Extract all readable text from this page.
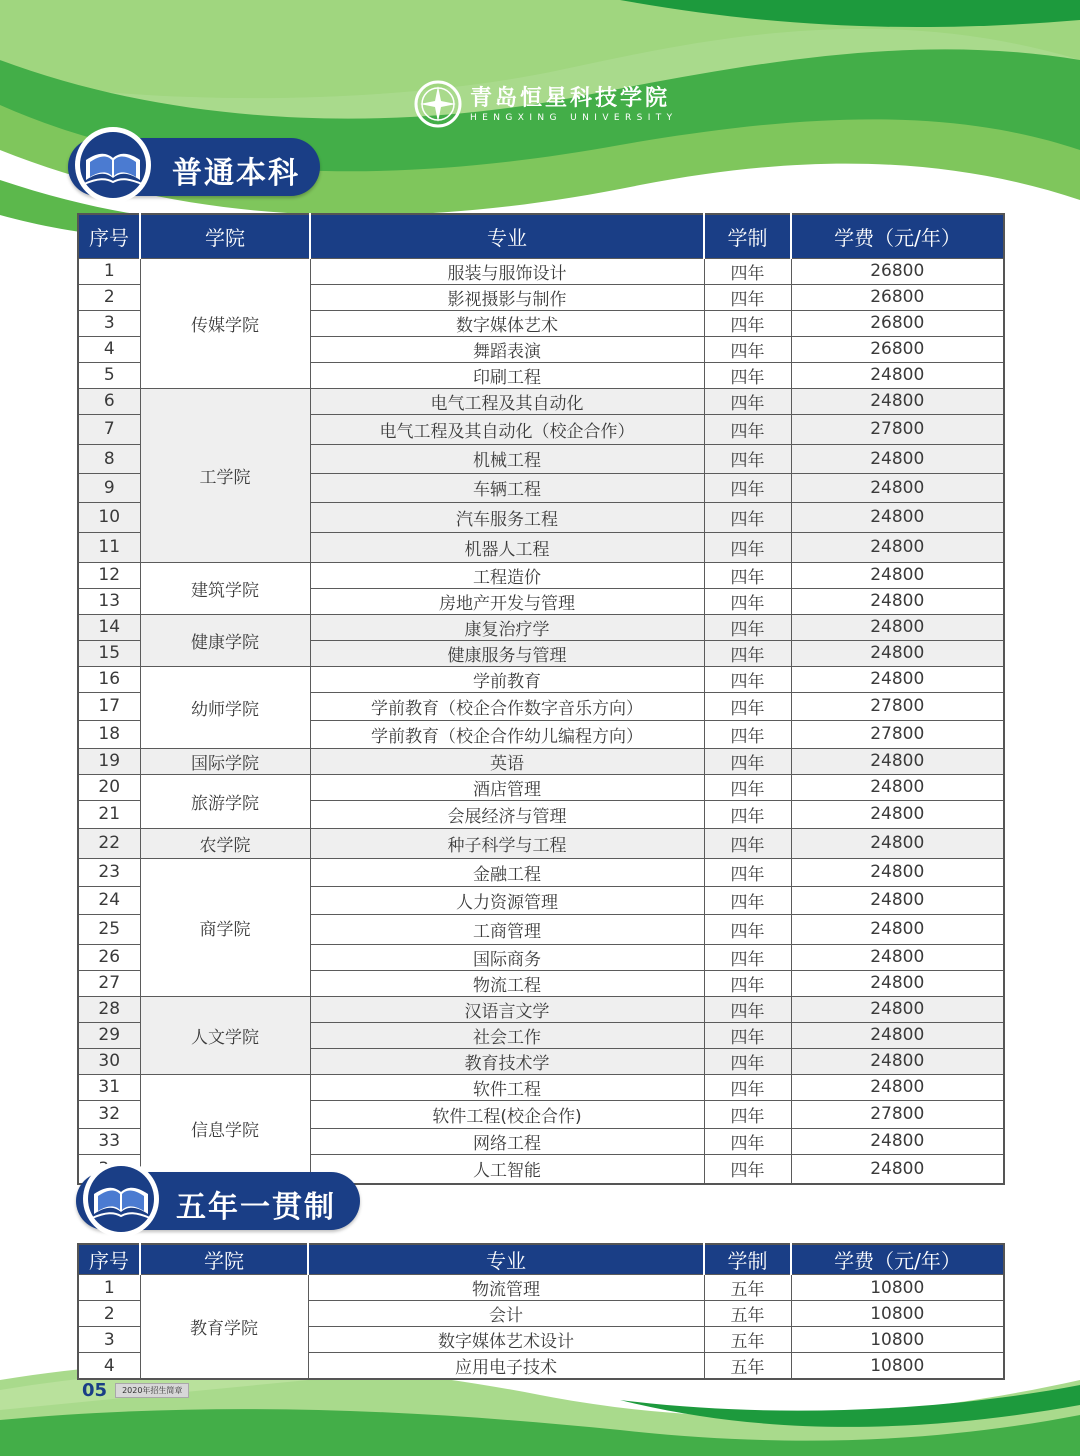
青岛恒星科技学院
HENGXING UNIVERSITY
普通本科
序号	学院	专业	学制	学费（元/年）
1	传媒学院	服装与服饰设计	四年	26800
2		影视摄影与制作	四年	26800
3		数字媒体艺术	四年	26800
4		舞蹈表演	四年	26800
5		印刷工程	四年	24800
6	工学院	电气工程及其自动化	四年	24800
7		电气工程及其自动化（校企合作）	四年	27800
8		机械工程	四年	24800
9		车辆工程	四年	24800
10		汽车服务工程	四年	24800
11		机器人工程	四年	24800
12	建筑学院	工程造价	四年	24800
13		房地产开发与管理	四年	24800
14	健康学院	康复治疗学	四年	24800
15		健康服务与管理	四年	24800
16	幼师学院	学前教育	四年	24800
17		学前教育（校企合作数字音乐方向）	四年	27800
18		学前教育（校企合作幼儿编程方向）	四年	27800
19	国际学院	英语	四年	24800
20	旅游学院	酒店管理	四年	24800
21		会展经济与管理	四年	24800
22	农学院	种子科学与工程	四年	24800
23	商学院	金融工程	四年	24800
24		人力资源管理	四年	24800
25		工商管理	四年	24800
26		国际商务	四年	24800
27		物流工程	四年	24800
28	人文学院	汉语言文学	四年	24800
29		社会工作	四年	24800
30		教育技术学	四年	24800
31	信息学院	软件工程	四年	24800
32		软件工程(校企合作)	四年	27800
33		网络工程	四年	24800
	人工智能	四年	24800
五年一贯制
序号	学院	专业	学制	学费（元/年）
1	教育学院	物流管理	五年	10800
2		会计	五年	10800
3		数字媒体艺术设计	五年	10800
4		应用电子技术	五年	10800
05	2020年招生简章
